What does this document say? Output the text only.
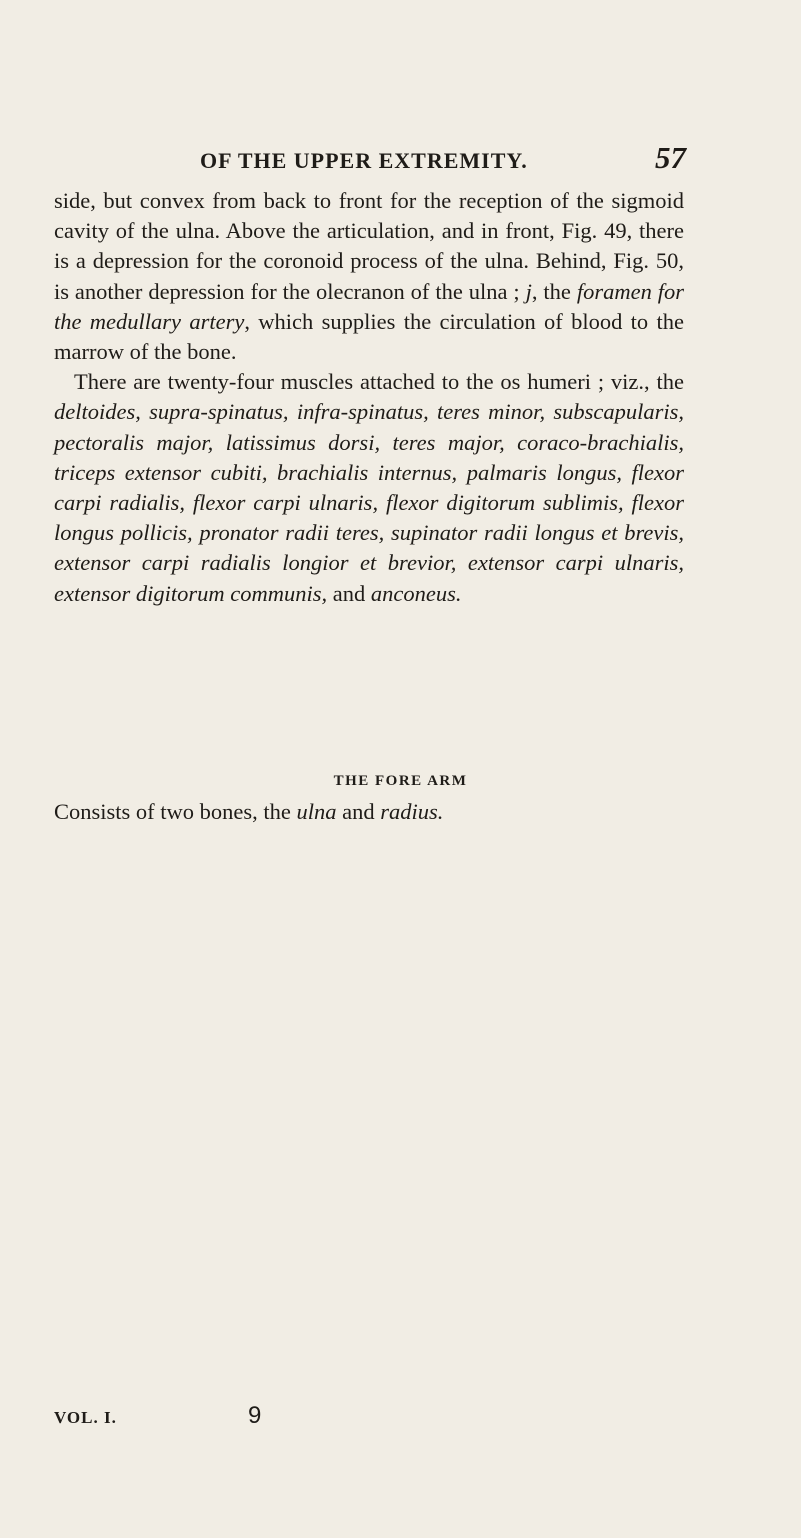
OF THE UPPER EXTREMITY.	57

side, but convex from back to front for the reception of the sigmoid cavity of the ulna. Above the articulation, and in front, Fig. 49, there is a depression for the coronoid process of the ulna. Behind, Fig. 50, is another depression for the olecranon of the ulna ; j, the foramen for the medullary artery, which supplies the circulation of blood to the marrow of the bone.

There are twenty-four muscles attached to the os humeri ; viz., the deltoides, supra-spinatus, infra-spinatus, teres minor, subscapularis, pectoralis major, latissimus dorsi, teres major, coraco-brachialis, triceps extensor cubiti, brachialis internus, palmaris longus, flexor carpi radialis, flexor carpi ulnaris, flexor digitorum sublimis, flexor longus pollicis, pronator radii teres, supinator radii longus et brevis, extensor carpi radialis longior et brevior, extensor carpi ulnaris, extensor digitorum communis, and anconeus.

THE FORE ARM
Consists of two bones, the ulna and radius.
VOL. I.	9
